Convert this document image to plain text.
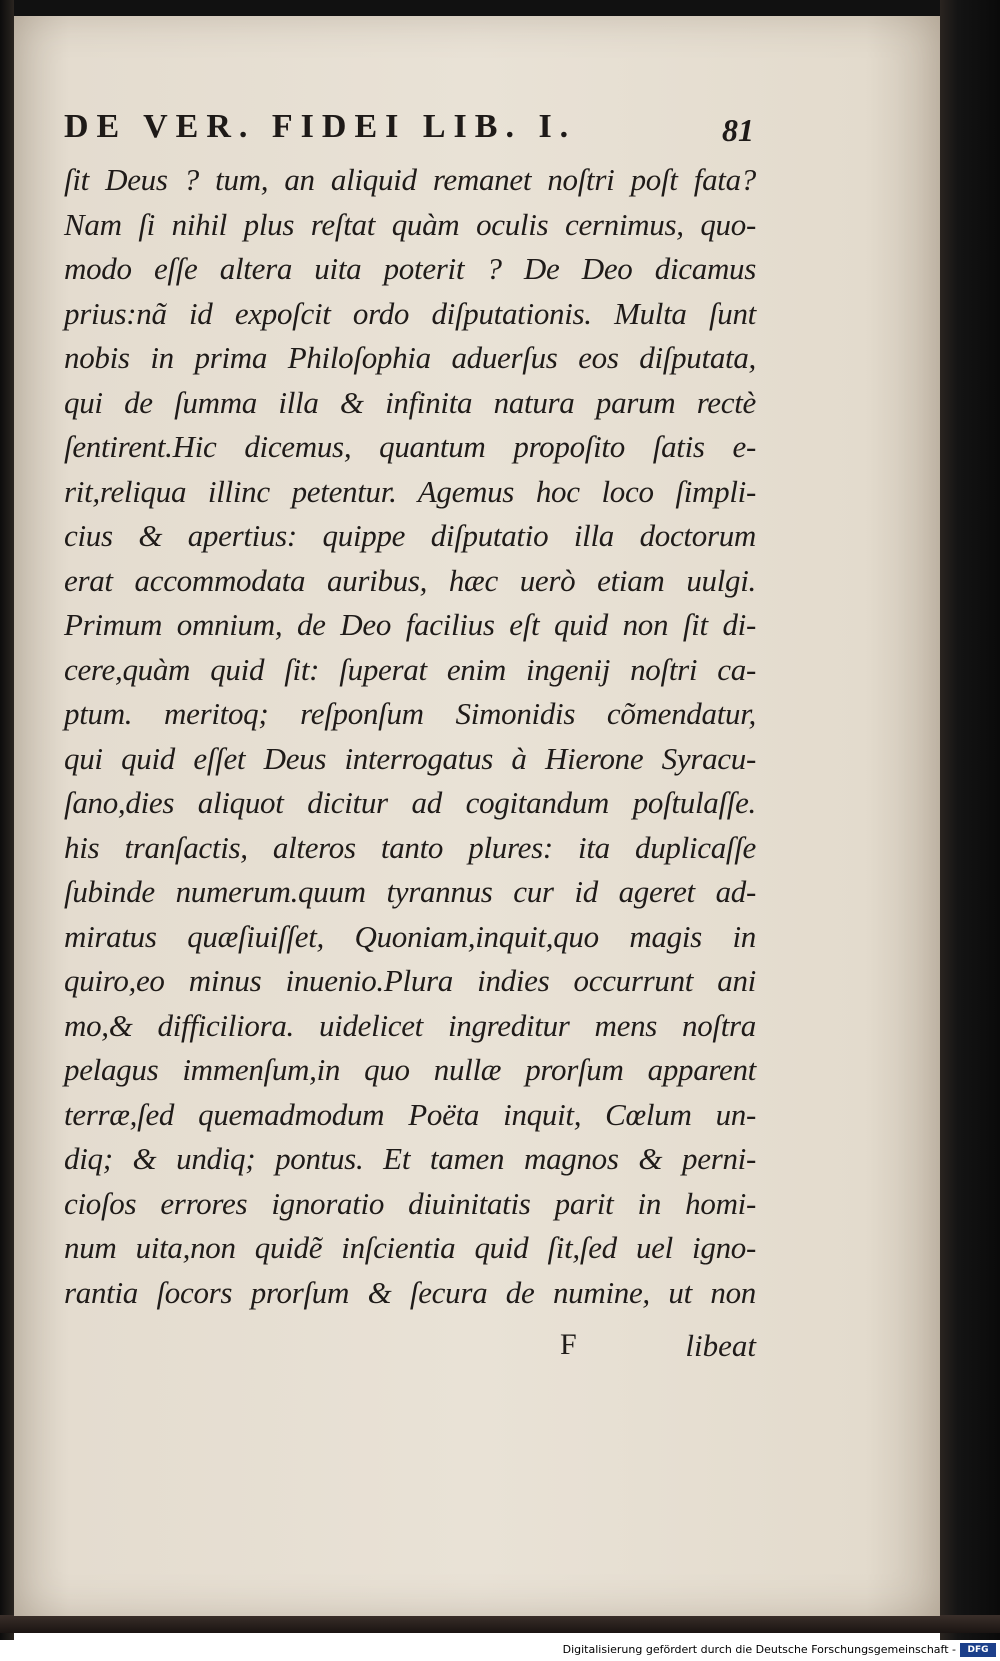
DE VER. FIDEI LIB. I.	81
ſit Deus ? tum, an aliquid remanet noſtri poſt fata?
Nam ſi nihil plus reſtat quàm oculis cernimus, quo-
modo eſſe altera uita poterit ? De Deo dicamus
prius:nã id expoſcit ordo diſputationis. Multa ſunt
nobis in prima Philoſophia aduerſus eos diſputata,
qui de ſumma illa & infinita natura parum rectè
ſentirent.Hic dicemus, quantum propoſito ſatis e-
rit,reliqua illinc petentur. Agemus hoc loco ſimpli-
cius & apertius: quippe diſputatio illa doctorum
erat accommodata auribus, hæc uerò etiam uulgi.
Primum omnium, de Deo facilius eſt quid non ſit di-
cere,quàm quid ſit: ſuperat enim ingenij noſtri ca-
ptum. meritoq; reſponſum Simonidis cõmendatur,
qui quid eſſet Deus interrogatus à Hierone Syracu-
ſano,dies aliquot dicitur ad cogitandum poſtulaſſe.
his tranſactis, alteros tanto plures: ita duplicaſſe
ſubinde numerum.quum tyrannus cur id ageret ad-
miratus quæſiuiſſet, Quoniam,inquit,quo magis in
quiro,eo minus inuenio.Plura indies occurrunt ani
mo,& difficiliora. uidelicet ingreditur mens noſtra
pelagus immenſum,in quo nullæ prorſum apparent
terræ,ſed quemadmodum Poëta inquit, Cœlum un-
diq; & undiq; pontus. Et tamen magnos & perni-
cioſos errores ignoratio diuinitatis parit in homi-
num uita,non quidẽ inſcientia quid ſit,ſed uel igno-
rantia ſocors prorſum & ſecura de numine, ut non
F	libeat
Digitalisierung gefördert durch die Deutsche Forschungsgemeinschaft -	DFG
